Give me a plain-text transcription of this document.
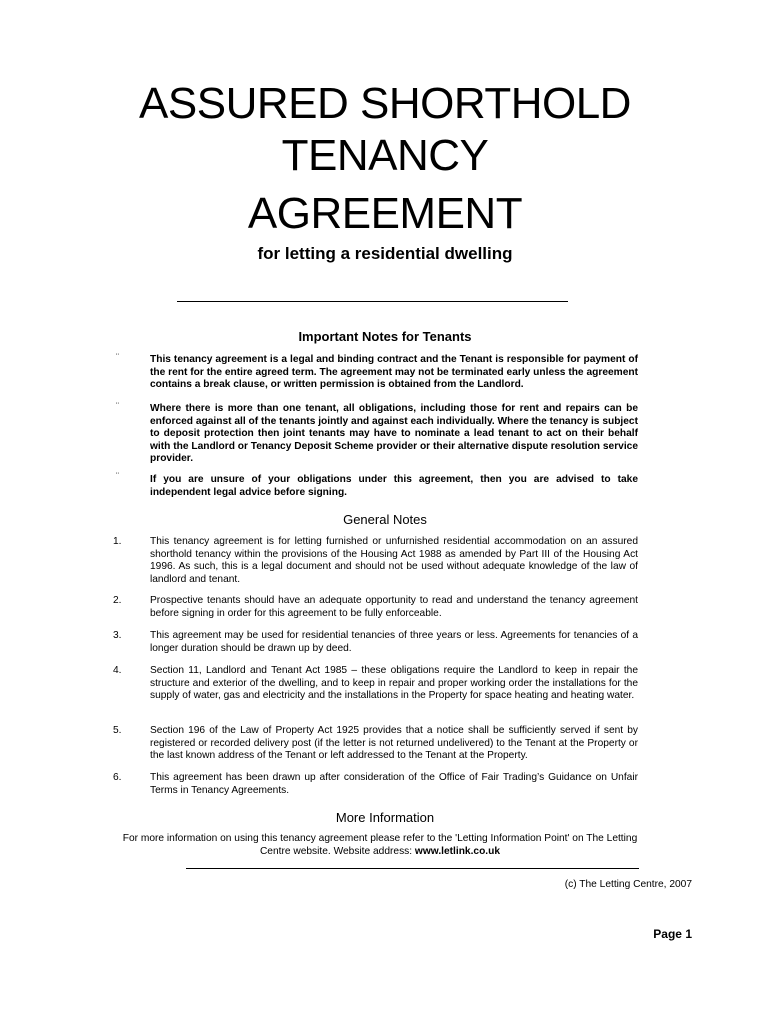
ASSURED SHORTHOLD
TENANCY
AGREEMENT
for letting a residential dwelling
Important Notes for Tenants
¨	This tenancy agreement is a legal and binding contract and the Tenant is responsible for payment of the rent for the entire agreed term. The agreement may not be terminated early unless the agreement contains a break clause, or written permission is obtained from the Landlord.
¨	Where there is more than one tenant, all obligations, including those for rent and repairs can be enforced against all of the tenants jointly and against each individually. Where the tenancy is subject to deposit protection then joint tenants may have to nominate a lead tenant to act on their behalf with the Landlord or Tenancy Deposit Scheme provider or their alternative dispute resolution service provider.
¨	If you are unsure of your obligations under this agreement, then you are advised to take independent legal advice before signing.
General Notes
1.	This tenancy agreement is for letting furnished or unfurnished residential accommodation on an assured shorthold tenancy within the provisions of the Housing Act 1988 as amended by Part III of the Housing Act 1996. As such, this is a legal document and should not be used without adequate knowledge of the law of landlord and tenant.
2.	Prospective tenants should have an adequate opportunity to read and understand the tenancy agreement before signing in order for this agreement to be fully enforceable.
3.	This agreement may be used for residential tenancies of three years or less. Agreements for tenancies of a longer duration should be drawn up by deed.
4.	Section 11, Landlord and Tenant Act 1985 – these obligations require the Landlord to keep in repair the structure and exterior of the dwelling, and to keep in repair and proper working order the installations for the supply of water, gas and electricity and the installations in the Property for space heating and heating water.
5.	Section 196 of the Law of Property Act 1925 provides that a notice shall be sufficiently served if sent by registered or recorded delivery post (if the letter is not returned undelivered) to the Tenant at the Property or the last known address of the Tenant or left addressed to the Tenant at the Property.
6.	This agreement has been drawn up after consideration of the Office of Fair Trading’s Guidance on Unfair Terms in Tenancy Agreements.
More Information
For more information on using this tenancy agreement please refer to the 'Letting Information Point' on The Letting Centre website. Website address: www.letlink.co.uk
(c) The Letting Centre, 2007
Page 1
